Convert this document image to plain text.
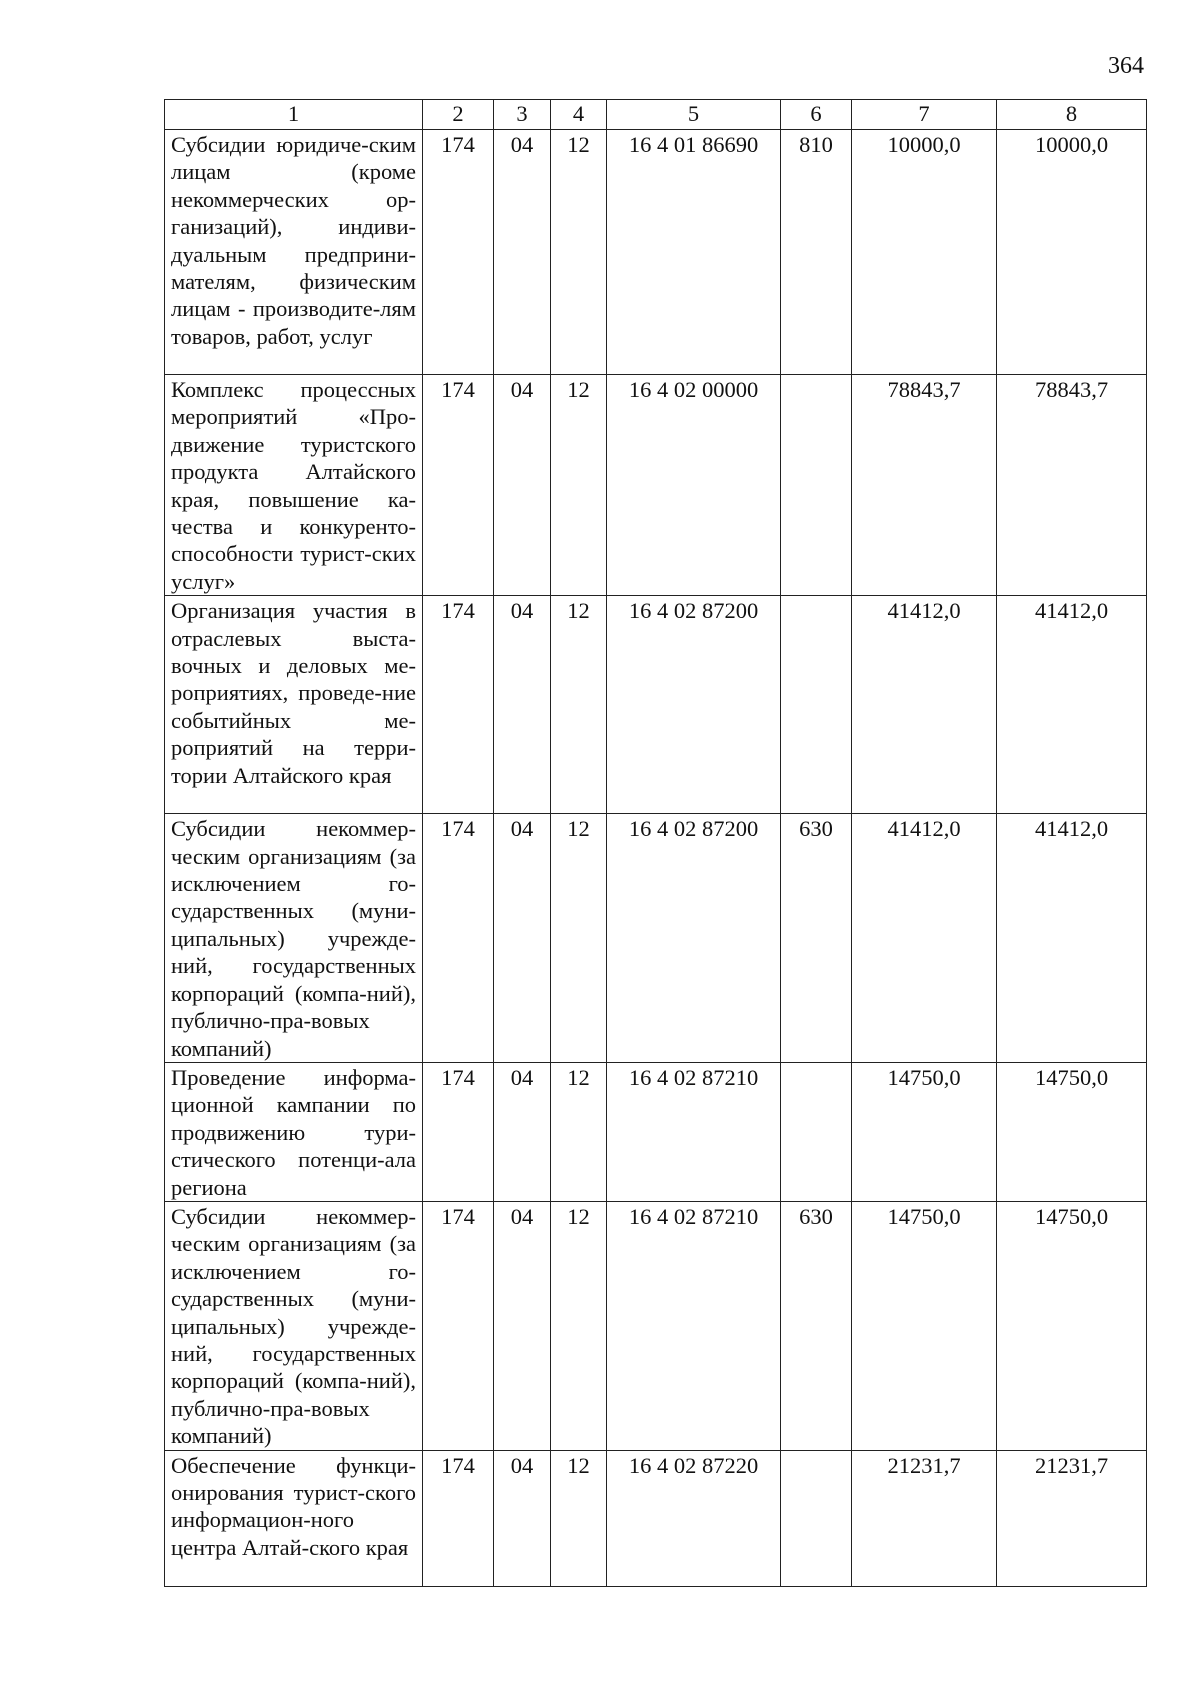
364
1	2	3	4	5	6	7	8
Субсидии юридиче-ским лицам (кроме некоммерческих ор-ганизаций), индиви-дуальным предприни-мателям, физическим лицам - производите-лям товаров, работ, услуг	174	04	12	16 4 01 86690	810	10000,0	10000,0
Комплекс процессных мероприятий «Про-движение туристского продукта Алтайского края, повышение ка-чества и конкуренто-способности турист-ских услуг»	174	04	12	16 4 02 00000		78843,7	78843,7
Организация участия в отраслевых выста-вочных и деловых ме-роприятиях, проведе-ние событийных ме-роприятий на терри-тории Алтайского края	174	04	12	16 4 02 87200		41412,0	41412,0
Субсидии некоммер-ческим организациям (за исключением го-сударственных (муни-ципальных) учрежде-ний, государственных корпораций (компа-ний), публично-пра-вовых компаний)	174	04	12	16 4 02 87200	630	41412,0	41412,0
Проведение информа-ционной кампании по продвижению тури-стического потенци-ала региона	174	04	12	16 4 02 87210		14750,0	14750,0
Субсидии некоммер-ческим организациям (за исключением го-сударственных (муни-ципальных) учрежде-ний, государственных корпораций (компа-ний), публично-пра-вовых компаний)	174	04	12	16 4 02 87210	630	14750,0	14750,0
Обеспечение функци-онирования турист-ского информацион-ного центра Алтай-ского края	174	04	12	16 4 02 87220		21231,7	21231,7
